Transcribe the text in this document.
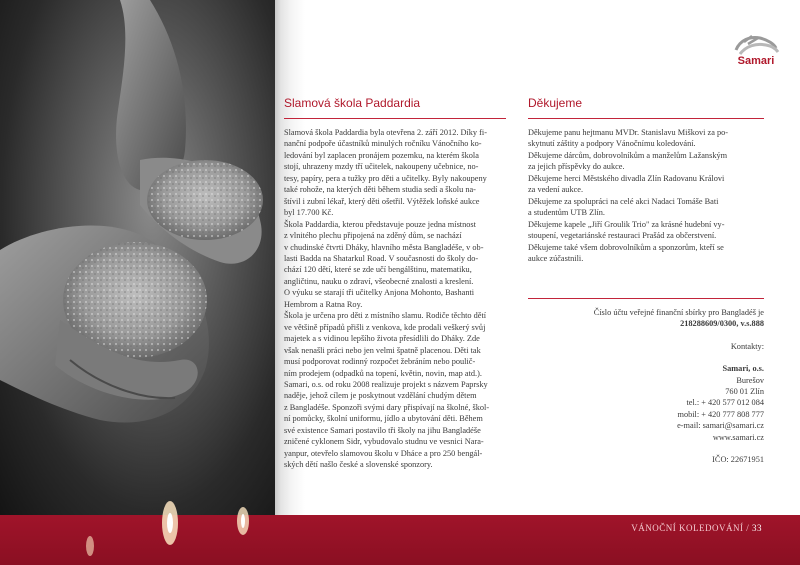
Samari
Slamová škola Paddardia

Slamová škola Paddardia byla otevřena 2. září 2012. Díky fi-

nanční podpoře účastníků minulých ročníku Vánočního ko-

ledování byl zaplacen pronájem pozemku, na kterém škola

stojí, uhrazeny mzdy tří učitelek, nakoupeny učebnice, no-

tesy, papíry, pera a tužky pro děti a učitelky. Byly nakoupeny

také rohože, na kterých děti během studia sedí a školu na-

štívil i zubní lékař, který děti ošetřil. Výtěžek loňské aukce

byl 17.700 Kč.

Škola Paddardia, kterou představuje pouze jedna místnost

z vlnitého plechu připojená na zděný dům, se nachází

v chudinské čtvrti Dháky, hlavního města Bangladéše, v ob-

lasti Badda na Shatarkul Road. V současnosti do školy do-

chází 120 dětí, které se zde učí bengálštinu, matematiku,

angličtinu, nauku o zdraví, všeobecné znalosti a kreslení.

O výuku se starají tři učitelky Anjona Mohonto, Bashanti

Hembrom a Ratna Roy.

Škola je určena pro děti z místního slamu. Rodiče těchto dětí

ve většině případů přišli z venkova, kde prodali veškerý svůj

majetek a s vidinou lepšího života přesídlili do Dháky. Zde

však nenašli práci nebo jen velmi špatně placenou. Děti tak

musí podporovat rodinný rozpočet žebráním nebo poulič-

ním prodejem (odpadků na topení, květin, novin, map atd.).

Samari, o.s. od roku 2008 realizuje projekt s názvem Paprsky

naděje, jehož cílem je poskytnout vzdělání chudým dětem

z Bangladéše. Sponzoři svými dary přispívají na školné, škol-

ní pomůcky, školní uniformu, jídlo a ubytování děti. Během

své existence Samari postavilo tři školy na jihu Bangladéše

zničené cyklonem Sidr, vybudovalo studnu ve vesnici Nara-

yanpur, otevřelo slamovou školu v Dháce a pro 250 bengál-

ských dětí našlo české a slovenské sponzory.

Děkujeme

Děkujeme panu hejtmanu MVDr. Stanislavu Miškovi za po-

skytnutí záštity a podpory Vánočnímu koledování.

Děkujeme dárcům, dobrovolníkům a manželům Lažanským

za jejich příspěvky do aukce.

Děkujeme herci Městského divadla Zlín Radovanu Královi

za vedení aukce.

Děkujeme za spolupráci na celé akci Nadaci Tomáše Bati

a studentům UTB Zlín.

Děkujeme kapele „Jiří Groulik Trio" za krásné hudební vy-

stoupení, vegetariánské restauraci Prašád za občerstvení.

Děkujeme také všem dobrovolníkům a sponzorům, kteří se

aukce zúčastnili.

Číslo účtu veřejné finanční sbírky pro Bangladéš je
218288609/0300, v.s.888
Kontakty:
Samari, o.s.
Burešov
760 01 Zlín
tel.: + 420 577 012 084
mobil: + 420 777 808 777
e-mail: samari@samari.cz
www.samari.cz
IČO: 22671951
VÁNOČNÍ KOLEDOVÁNÍ / 33
